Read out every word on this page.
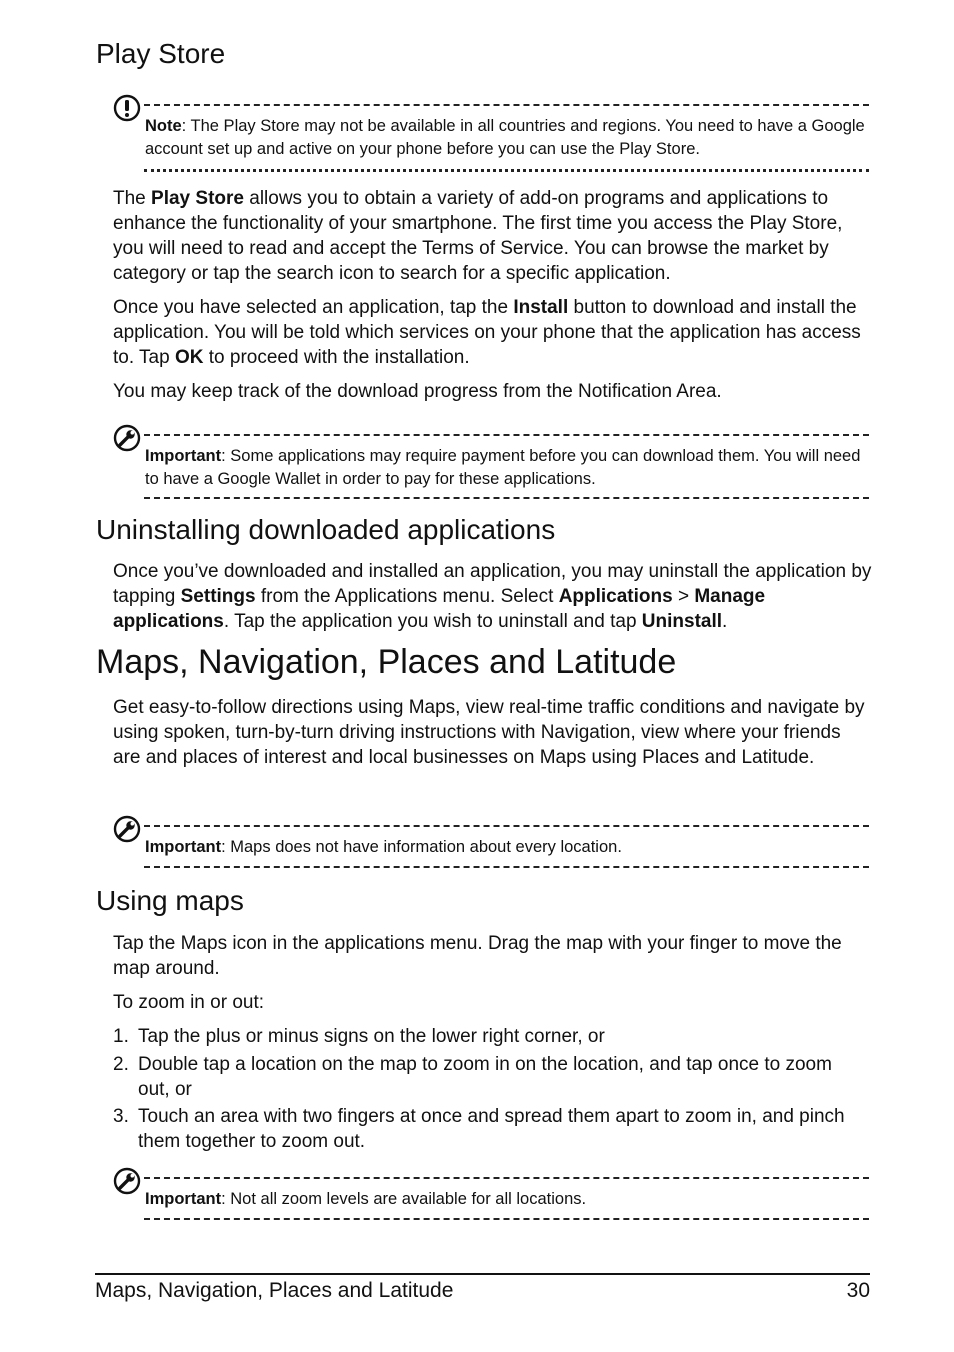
Play Store
Note: The Play Store may not be available in all countries and regions. You need to have a Google account set up and active on your phone before you can use the Play Store.

The Play Store allows you to obtain a variety of add-on programs and applications to enhance the functionality of your smartphone. The first time you access the Play Store, you will need to read and accept the Terms of Service. You can browse the market by category or tap the search icon to search for a specific application.

Once you have selected an application, tap the Install button to download and install the application. You will be told which services on your phone that the application has access to. Tap OK to proceed with the installation.

You may keep track of the download progress from the Notification Area.

Important: Some applications may require payment before you can download them. You will need to have a Google Wallet in order to pay for these applications.
Uninstalling downloaded applications

Once you’ve downloaded and installed an application, you may uninstall the application by tapping Settings from the Applications menu. Select Applications > Manage applications. Tap the application you wish to uninstall and tap Uninstall.

Maps, Navigation, Places and Latitude

Get easy-to-follow directions using Maps, view real-time traffic conditions and navigate by using spoken, turn-by-turn driving instructions with Navigation, view where your friends are and places of interest and local businesses on Maps using Places and Latitude.

Important: Maps does not have information about every location.
Using maps

Tap the Maps icon in the applications menu. Drag the map with your finger to move the map around.

To zoom in or out:

1. Tap the plus or minus signs on the lower right corner, or
2. Double tap a location on the map to zoom in on the location, and tap once to zoom out, or
3. Touch an area with two fingers at once and spread them apart to zoom in, and pinch them together to zoom out.
Important: Not all zoom levels are available for all locations.
Maps, Navigation, Places and Latitude	30
